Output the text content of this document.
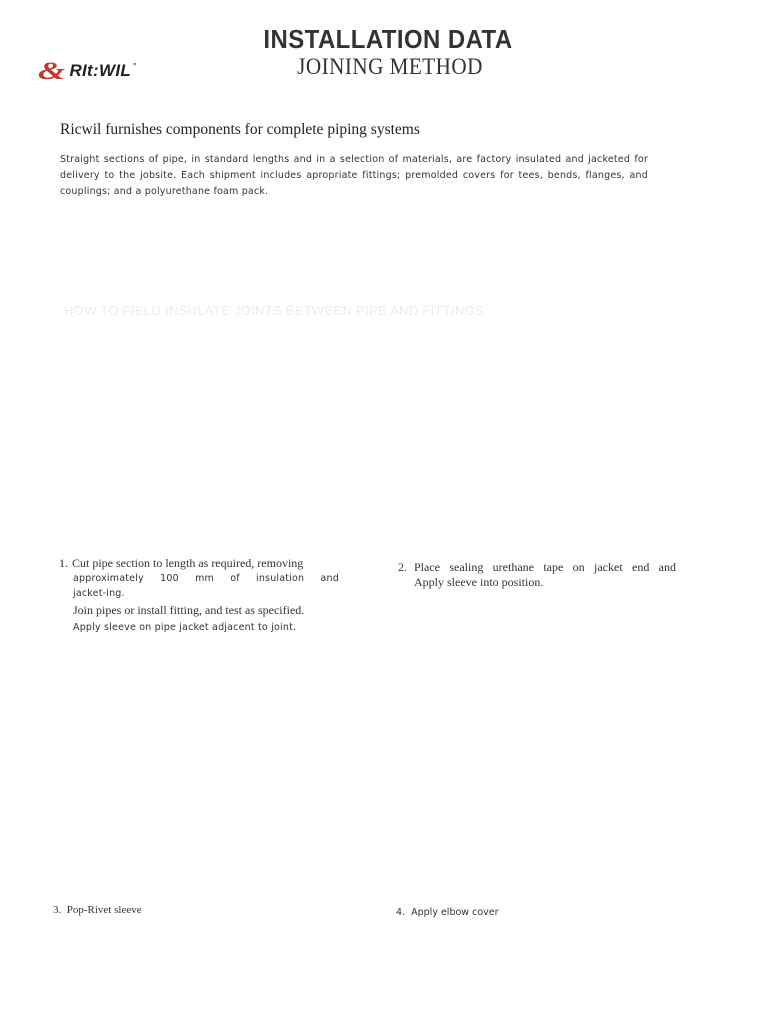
INSTALLATION DATA
JOINING METHOD
& RIt:WIL "
Ricwil furnishes components for complete piping systems
Straight sections of pipe, in standard lengths and in a selection of materials, are factory insulated and jacketed for delivery to the jobsite. Each shipment includes apropriate fittings; premolded covers for tees, bends, flanges, and couplings; and a polyurethane foam pack.
HOW TO FIELD INSULATE JOINTS BETWEEN PIPE AND FITTINGS
1. Cut pipe section to length as required, removing
approximately 100 mm of insulation and
jacket-ing.
Join pipes or install fitting, and test as specified.
Apply sleeve on pipe jacket adjacent to joint.
2. Place sealing urethane tape on jacket end and
Apply sleeve into position.
3. Pop-Rivet sleeve	4. Apply elbow cover
